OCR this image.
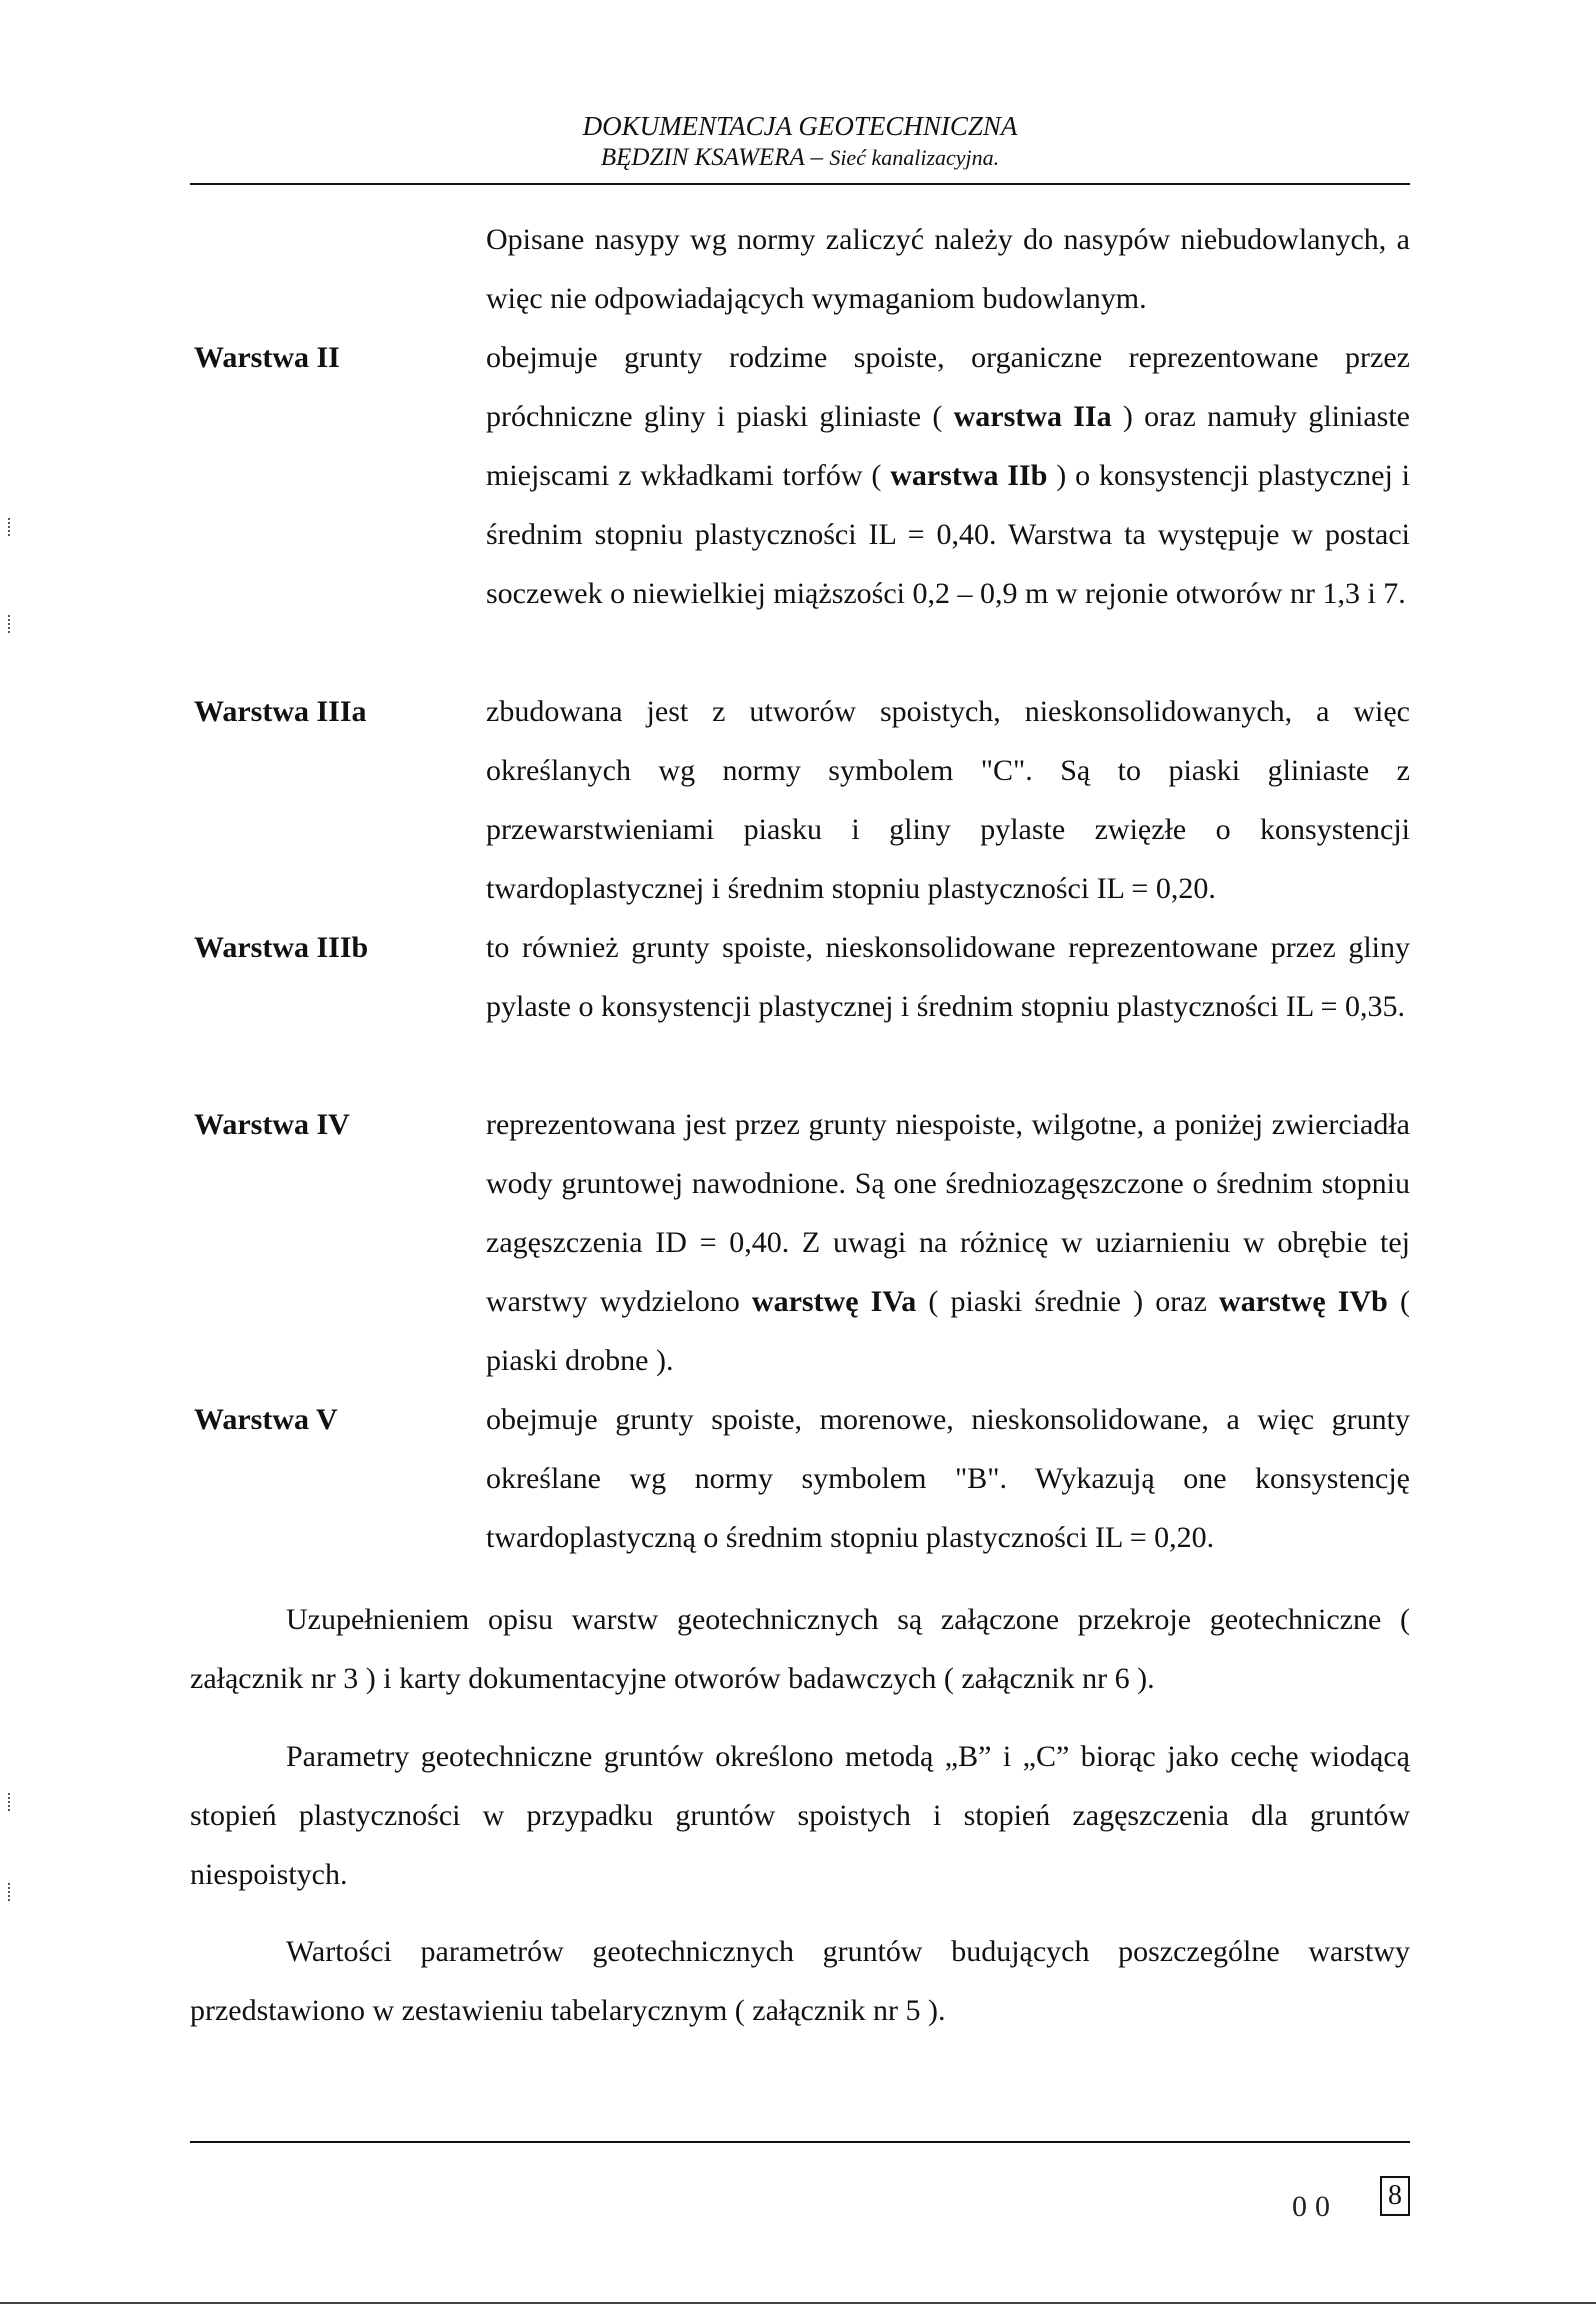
DOKUMENTACJA GEOTECHNICZNA
BĘDZIN KSAWERA – Sieć kanalizacyjna.
Opisane nasypy wg normy zaliczyć należy do nasypów niebudowlanych, a więc nie odpowiadających wymaganiom budowlanym.
Warstwa II	obejmuje grunty rodzime spoiste, organiczne reprezentowane przez próchniczne gliny i piaski gliniaste ( warstwa IIa ) oraz namuły gliniaste miejscami z wkładkami torfów ( warstwa IIb ) o konsystencji plastycznej i średnim stopniu plastyczności IL = 0,40. Warstwa ta występuje w postaci soczewek o niewielkiej miąższości 0,2 – 0,9 m w rejonie otworów nr 1,3 i 7.
Warstwa IIIa	zbudowana jest z utworów spoistych, nieskonsolidowanych, a więc określanych wg normy symbolem "C". Są to piaski gliniaste z przewarstwieniami piasku i gliny pylaste zwięzłe o konsystencji twardoplastycznej i średnim stopniu plastyczności IL = 0,20.
Warstwa IIIb	to również grunty spoiste, nieskonsolidowane reprezentowane przez gliny pylaste o konsystencji plastycznej i średnim stopniu plastyczności IL = 0,35.
Warstwa IV	reprezentowana jest przez grunty niespoiste, wilgotne, a poniżej zwierciadła wody gruntowej nawodnione. Są one średniozagęszczone o średnim stopniu zagęszczenia ID = 0,40. Z uwagi na różnicę w uziarnieniu w obrębie tej warstwy wydzielono warstwę IVa ( piaski średnie ) oraz warstwę IVb ( piaski drobne ).
Warstwa V	obejmuje grunty spoiste, morenowe, nieskonsolidowane, a więc grunty określane wg normy symbolem "B". Wykazują one konsystencję twardoplastyczną o średnim stopniu plastyczności IL = 0,20.
Uzupełnieniem opisu warstw geotechnicznych są załączone przekroje geotechniczne ( załącznik nr 3 ) i karty dokumentacyjne otworów badawczych ( załącznik nr 6 ).
Parametry geotechniczne gruntów określono metodą „B” i „C” biorąc jako cechę wiodącą stopień plastyczności w przypadku gruntów spoistych i stopień zagęszczenia dla gruntów niespoistych.
Wartości parametrów geotechnicznych gruntów budujących poszczególne warstwy przedstawiono w zestawieniu tabelarycznym ( załącznik nr 5 ).
00 8
